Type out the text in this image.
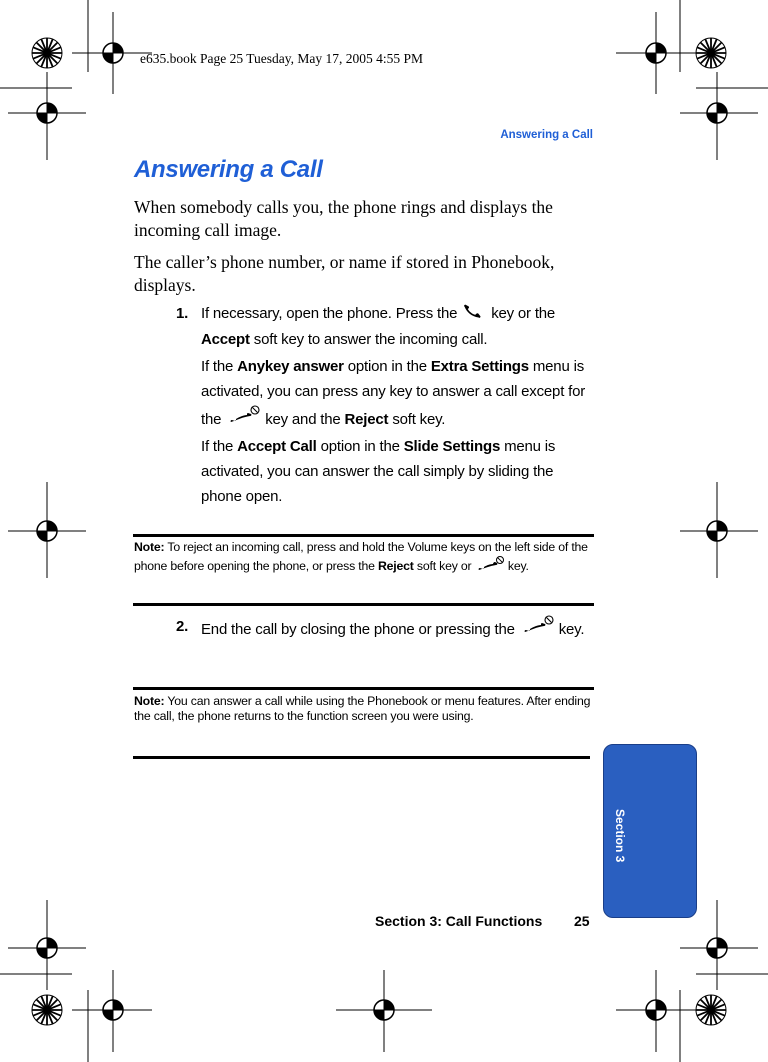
e635.book Page 25 Tuesday, May 17, 2005 4:55 PM
Answering a Call
Answering a Call
When somebody calls you, the phone rings and displays the incoming call image.
The caller’s phone number, or name if stored in Phonebook, displays.
1. If necessary, open the phone. Press the key or the Accept soft key to answer the incoming call.
If the Anykey answer option in the Extra Settings menu is activated, you can press any key to answer a call except for the	key and the Reject soft key.
If the Accept Call option in the Slide Settings menu is activated, you can answer the call simply by sliding the phone open.
Note: To reject an incoming call, press and hold the Volume keys on the left side of the phone before opening the phone, or press the Reject soft key or	key.
2. End the call by closing the phone or pressing the	key.
Note: You can answer a call while using the Phonebook or menu features. After ending the call, the phone returns to the function screen you were using.
Section 3
Section 3: Call Functions 25
